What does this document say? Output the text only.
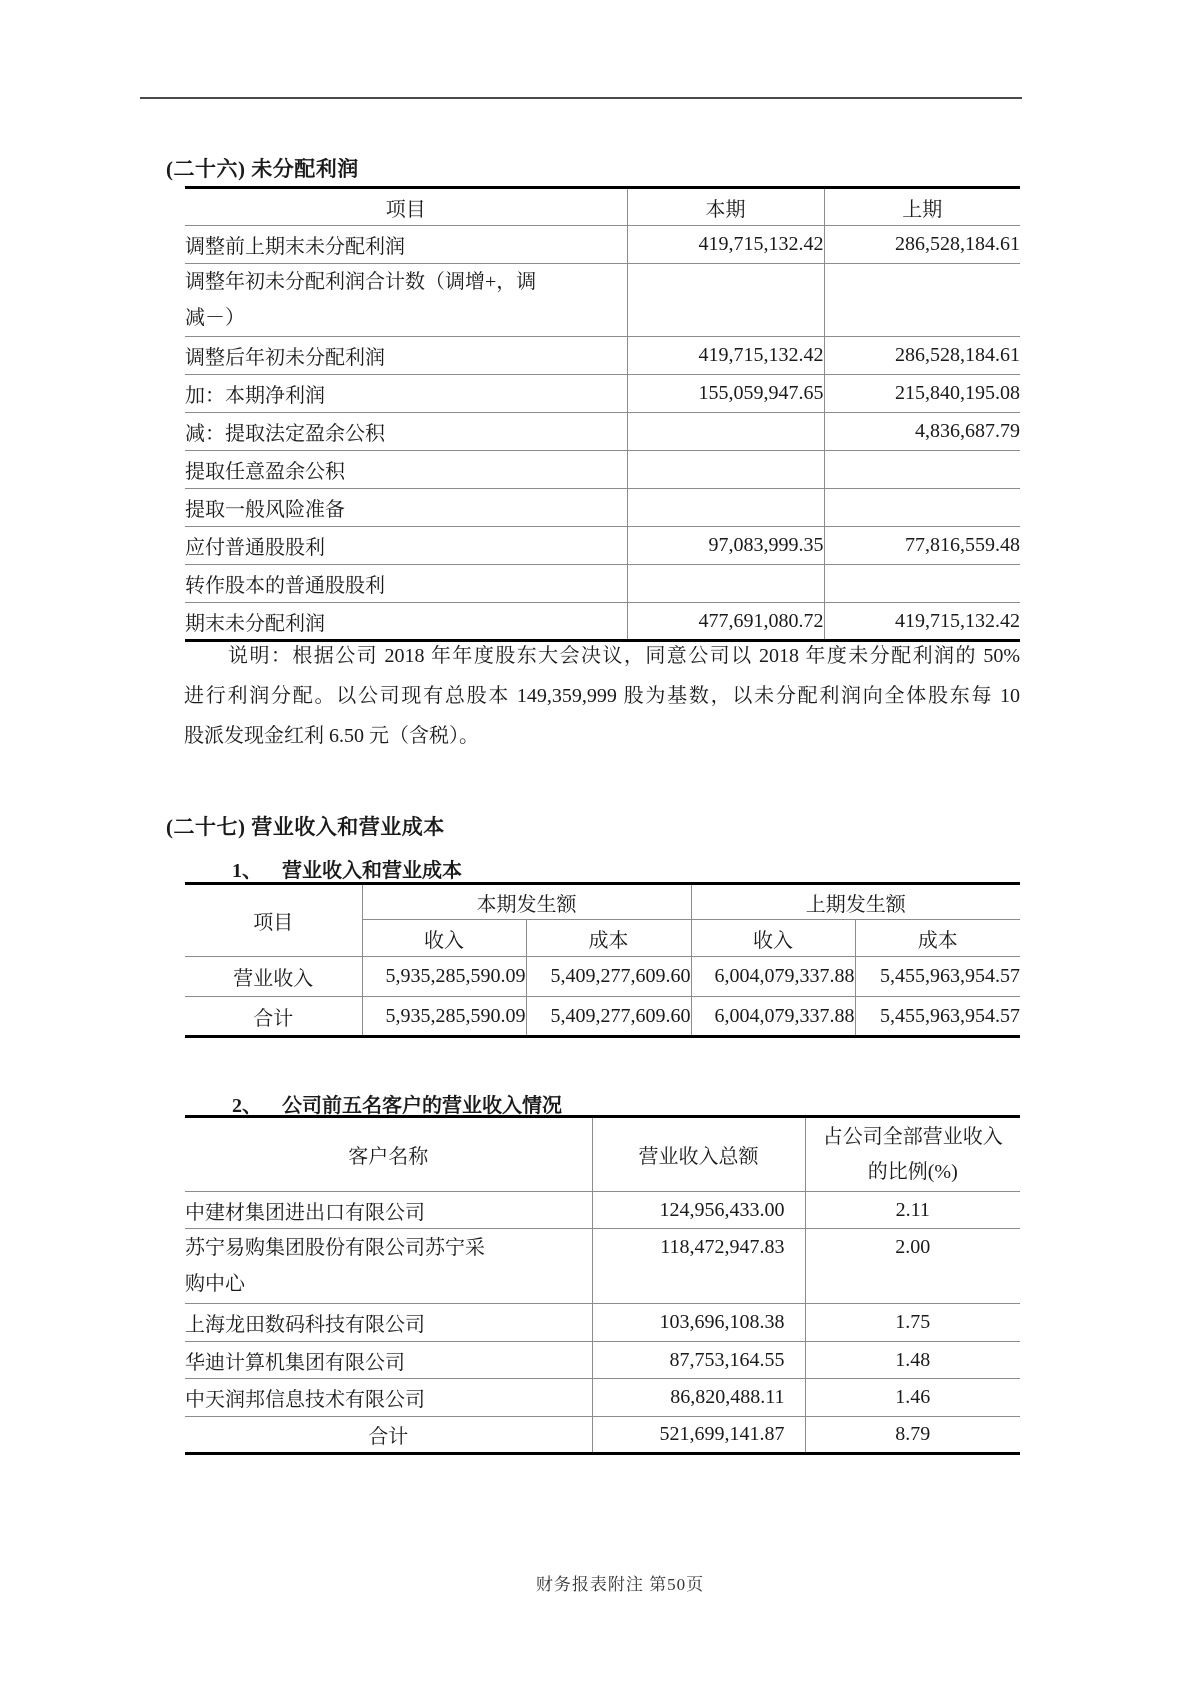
(二十六) 未分配利润
项目	本期	上期
调整前上期末未分配利润	419,715,132.42	286,528,184.61
调整年初未分配利润合计数（调增+，调减－）		
调整后年初未分配利润	419,715,132.42	286,528,184.61
加：本期净利润	155,059,947.65	215,840,195.08
减：提取法定盈余公积		4,836,687.79
提取任意盈余公积		
提取一般风险准备		
应付普通股股利	97,083,999.35	77,816,559.48
转作股本的普通股股利		
期末未分配利润	477,691,080.72	419,715,132.42
说明：根据公司 2018 年年度股东大会决议，同意公司以 2018 年度未分配利润的 50%
进行利润分配。以公司现有总股本 149,359,999 股为基数，以未分配利润向全体股东每 10
股派发现金红利 6.50 元（含税）。
(二十七) 营业收入和营业成本
1、 营业收入和营业成本
项目	本期发生额		上期发生额	
	收入	成本	收入	成本
营业收入	5,935,285,590.09	5,409,277,609.60	6,004,079,337.88	5,455,963,954.57
合计	5,935,285,590.09	5,409,277,609.60	6,004,079,337.88	5,455,963,954.57
2、 公司前五名客户的营业收入情况
客户名称	营业收入总额	占公司全部营业收入
的比例(%)

中建材集团进出口有限公司	124,956,433.00	2.11
苏宁易购集团股份有限公司苏宁采购中心	118,472,947.83	2.00
上海龙田数码科技有限公司	103,696,108.38	1.75
华迪计算机集团有限公司	87,753,164.55	1.48
中天润邦信息技术有限公司	86,820,488.11	1.46
合计	521,699,141.87	8.79
财务报表附注 第50页
